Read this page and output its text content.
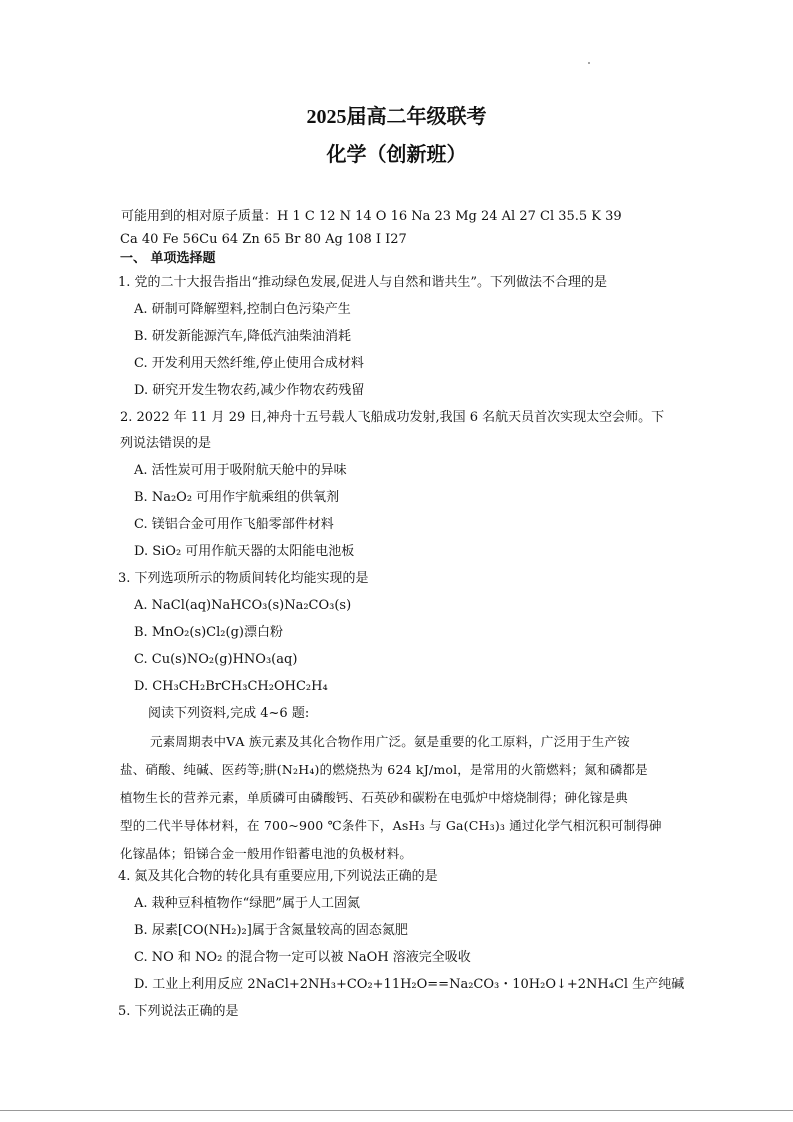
2025届高二年级联考
化学（创新班）
可能用到的相对原子质量：H 1 C 12 N 14 O 16 Na 23 Mg 24 Al 27 Cl 35.5 K 39
Ca 40 Fe 56Cu 64 Zn 65 Br 80 Ag 108 I I27
一、 单项选择题
1. 党的二十大报告指出“推动绿色发展,促进人与自然和谐共生”。下列做法不合理的是
A. 研制可降解塑料,控制白色污染产生
B. 研发新能源汽车,降低汽油柴油消耗
C. 开发利用天然纤维,停止使用合成材料
D. 研究开发生物农药,减少作物农药残留
2. 2022 年 11 月 29 日,神舟十五号载人飞船成功发射,我国 6 名航天员首次实现太空会师。下
列说法错误的是
A. 活性炭可用于吸附航天舱中的异味
B. Na₂O₂ 可用作宇航乘组的供氧剂
C. 镁铝合金可用作飞船零部件材料
D. SiO₂ 可用作航天器的太阳能电池板
3. 下列选项所示的物质间转化均能实现的是
A. NaCl(aq)NaHCO₃(s)Na₂CO₃(s)
B. MnO₂(s)Cl₂(g)漂白粉
C. Cu(s)NO₂(g)HNO₃(aq)
D. CH₃CH₂BrCH₃CH₂OHC₂H₄
阅读下列资料,完成 4~6 题:
元素周期表中ⅤA 族元素及其化合物作用广泛。氨是重要的化工原料，广泛用于生产铵
盐、硝酸、纯碱、医药等;肼(N₂H₄)的燃烧热为 624 kJ/mol，是常用的火箭燃料；氮和磷都是
植物生长的营养元素，单质磷可由磷酸钙、石英砂和碳粉在电弧炉中熔烧制得；砷化镓是典
型的二代半导体材料，在 700~900 ℃条件下，AsH₃ 与 Ga(CH₃)₃ 通过化学气相沉积可制得砷
化镓晶体；铅锑合金一般用作铅蓄电池的负极材料。
4. 氮及其化合物的转化具有重要应用,下列说法正确的是
A. 栽种豆科植物作“绿肥”属于人工固氮
B. 尿素[CO(NH₂)₂]属于含氮量较高的固态氮肥
C. NO 和 NO₂ 的混合物一定可以被 NaOH 溶液完全吸收
D. 工业上利用反应 2NaCl+2NH₃+CO₂+11H₂O==Na₂CO₃・10H₂O↓+2NH₄Cl 生产纯碱
5. 下列说法正确的是
